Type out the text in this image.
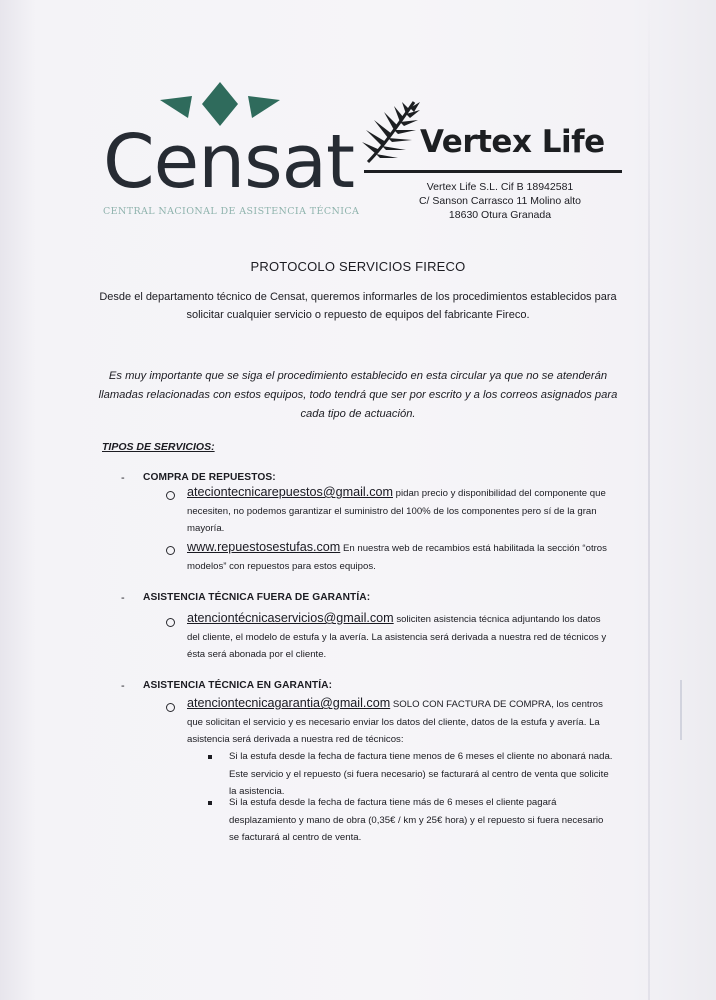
Censat
CENTRAL NACIONAL DE ASISTENCIA TÉCNICA
Vertex Life
Vertex Life S.L. Cif B 18942581
C/ Sanson Carrasco 11 Molino alto
18630 Otura Granada
PROTOCOLO SERVICIOS FIRECO
Desde el departamento técnico de Censat, queremos informarles de los procedimientos establecidos para solicitar cualquier servicio o repuesto de equipos del fabricante Fireco.
Es muy importante que se siga el procedimiento establecido en esta circular ya que no se atenderán llamadas relacionadas con estos equipos, todo tendrá que ser por escrito y a los correos asignados para cada tipo de actuación.
TIPOS DE SERVICIOS:
- COMPRA DE REPUESTOS:
ateciontecnicarepuestos@gmail.com pidan precio y disponibilidad del componente que necesiten, no podemos garantizar el suministro del 100% de los componentes pero sí de la gran mayoría.
www.repuestosestufas.com En nuestra web de recambios está habilitada la sección “otros modelos” con repuestos para estos equipos.
- ASISTENCIA TÉCNICA FUERA DE GARANTÍA:
atenciontécnicaservicios@gmail.com soliciten asistencia técnica adjuntando los datos del cliente, el modelo de estufa y la avería. La asistencia será derivada a nuestra red de técnicos y ésta será abonada por el cliente.
- ASISTENCIA TÉCNICA EN GARANTÍA:
atenciontecnicagarantia@gmail.com SOLO CON FACTURA DE COMPRA, los centros que solicitan el servicio y es necesario enviar los datos del cliente, datos de la estufa y avería. La asistencia será derivada a nuestra red de técnicos:
Si la estufa desde la fecha de factura tiene menos de 6 meses el cliente no abonará nada. Este servicio y el repuesto (si fuera necesario) se facturará al centro de venta que solicite la asistencia.
Si la estufa desde la fecha de factura tiene más de 6 meses el cliente pagará desplazamiento y mano de obra (0,35€ / km y 25€ hora) y el repuesto si fuera necesario se facturará al centro de venta.
